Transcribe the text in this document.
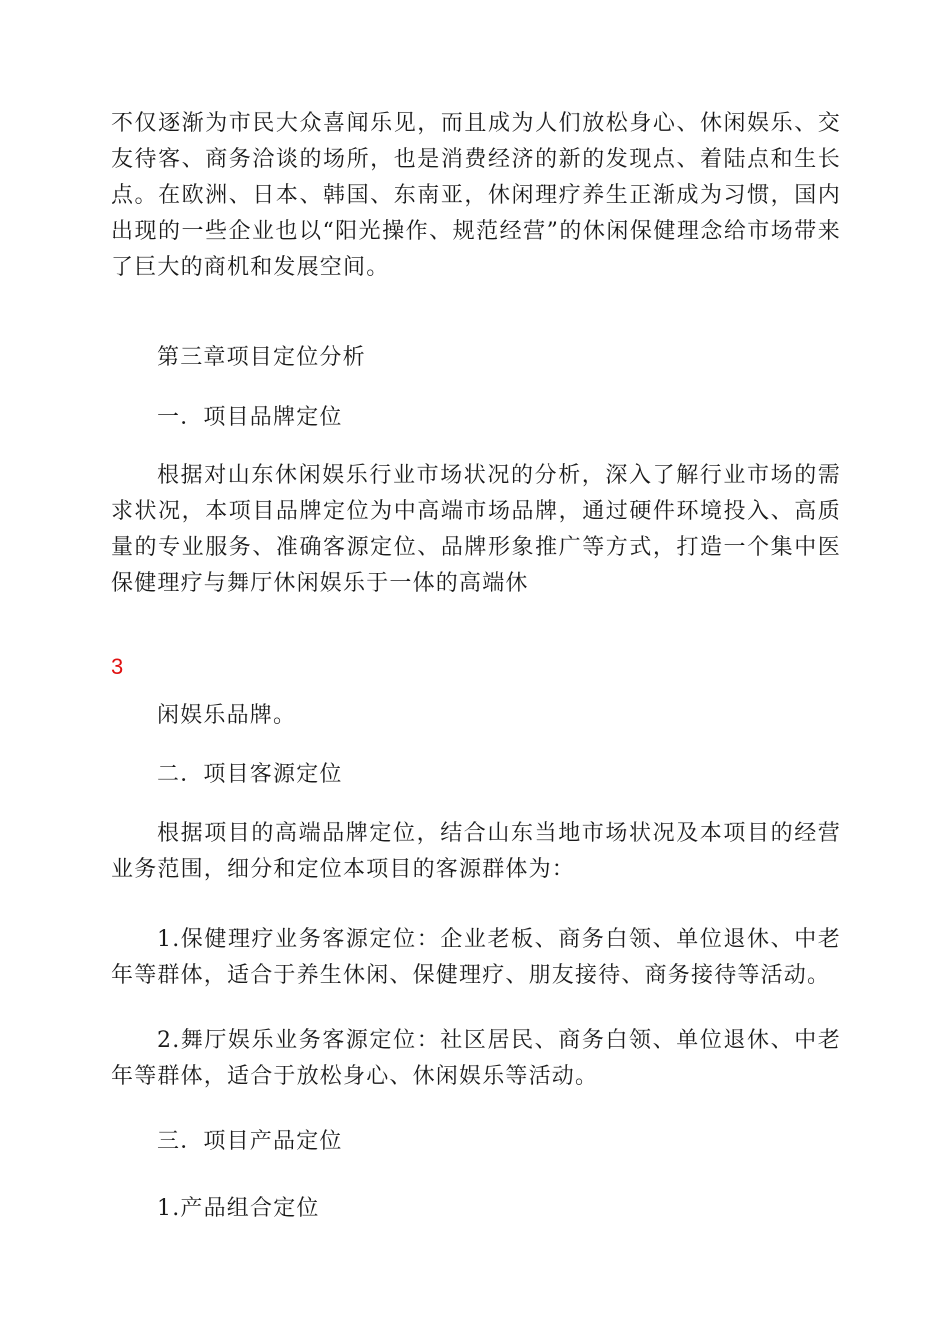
不仅逐渐为市民大众喜闻乐见，而且成为人们放松身心、休闲娱乐、交友待客、商务洽谈的场所，也是消费经济的新的发现点、着陆点和生长点。在欧洲、日本、韩国、东南亚，休闲理疗养生正渐成为习惯，国内出现的一些企业也以“阳光操作、规范经营”的休闲保健理念给市场带来了巨大的商机和发展空间。

第三章项目定位分析

一．项目品牌定位

根据对山东休闲娱乐行业市场状况的分析，深入了解行业市场的需求状况，本项目品牌定位为中高端市场品牌，通过硬件环境投入、高质量的专业服务、准确客源定位、品牌形象推广等方式，打造一个集中医保健理疗与舞厅休闲娱乐于一体的高端休

3

闲娱乐品牌。

二．项目客源定位

根据项目的高端品牌定位，结合山东当地市场状况及本项目的经营业务范围，细分和定位本项目的客源群体为：

1.保健理疗业务客源定位：企业老板、商务白领、单位退休、中老年等群体，适合于养生休闲、保健理疗、朋友接待、商务接待等活动。

2.舞厅娱乐业务客源定位：社区居民、商务白领、单位退休、中老年等群体，适合于放松身心、休闲娱乐等活动。

三．项目产品定位

1.产品组合定位
